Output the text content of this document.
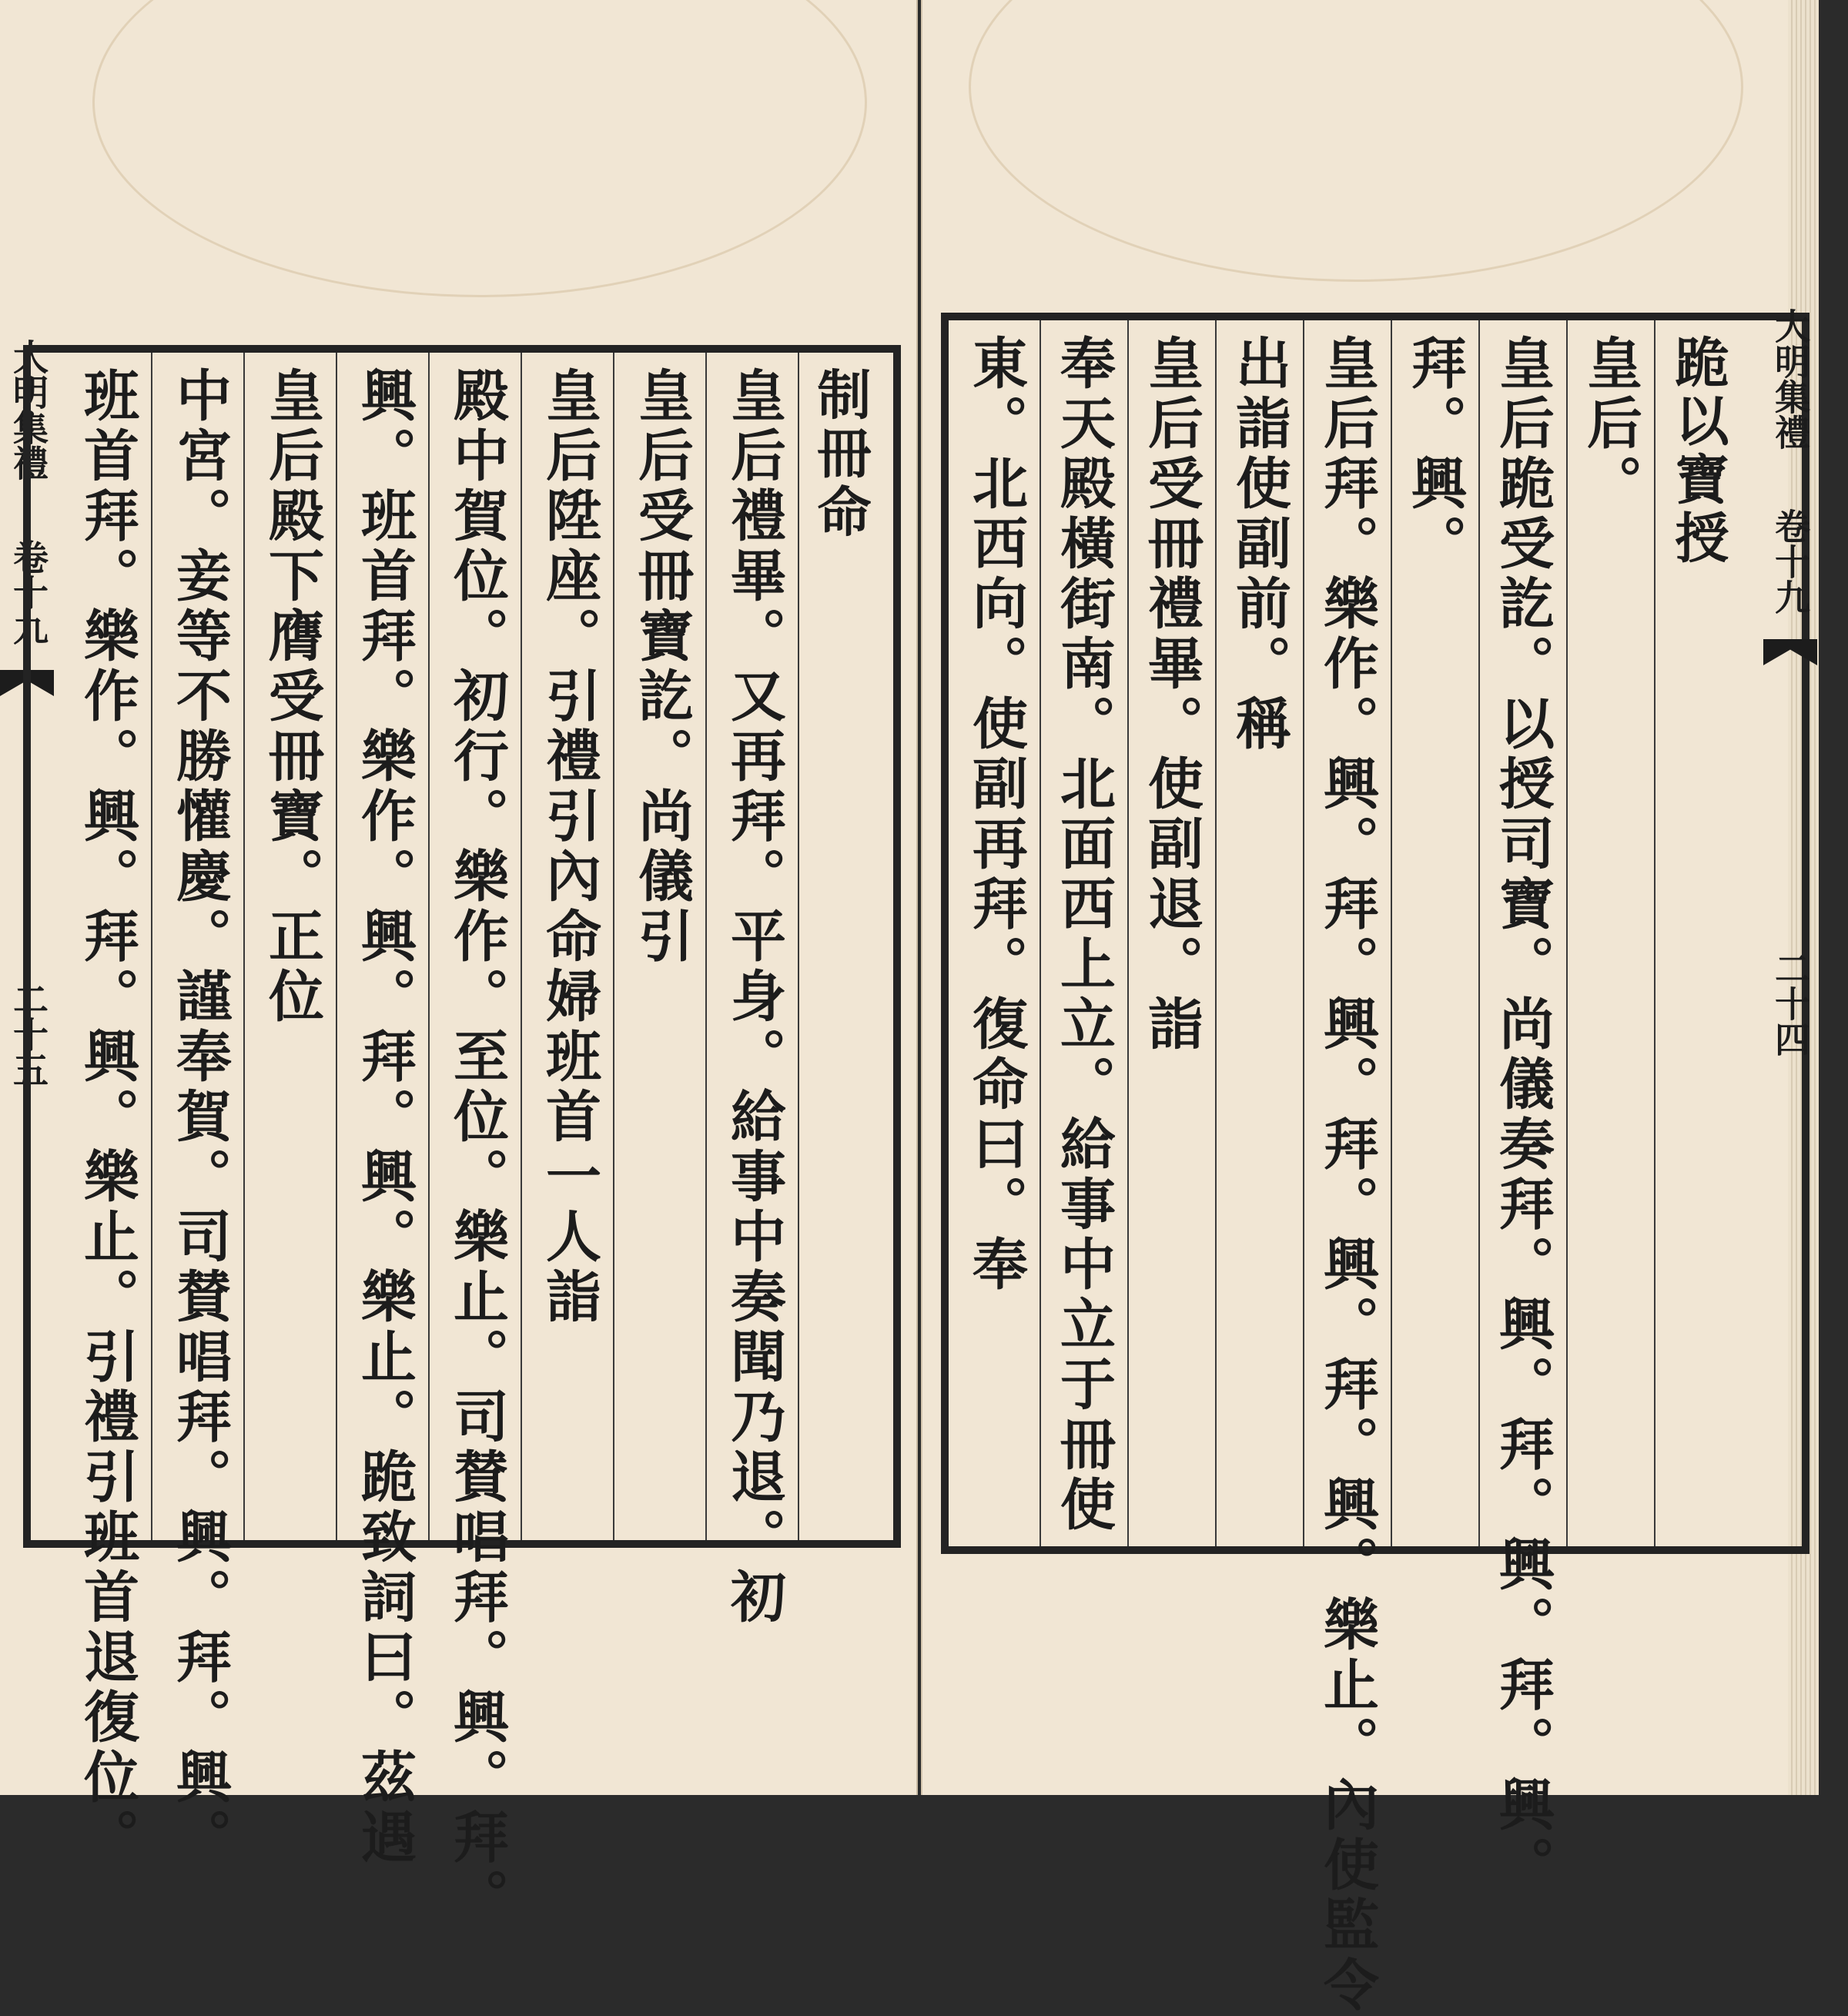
大明集禮 卷十九 二十五
制冊命
皇后禮畢。又再拜。平身。給事中奏聞乃退。初
皇后受冊寶訖。尚儀引
皇后陞座。引禮引內命婦班首一人詣
殿中賀位。初行。樂作。至位。樂止。司賛唱拜。興。拜。
興。班首拜。樂作。興。拜。興。樂止。跪致詞曰。茲遇
皇后殿下膺受冊寶。正位
中宮。妾等不勝懽慶。謹奉賀。司賛唱拜。興。拜。興。
班首拜。樂作。興。拜。興。樂止。引禮引班首退復位。	跪以寶授
皇后。
皇后跪受訖。以授司寶。尚儀奏拜。興。拜。興。拜。興。
拜。興。
皇后拜。樂作。興。拜。興。拜。興。拜。興。樂止。內使監令
出詣使副前。稱
皇后受冊禮畢。使副退。詣
奉天殿橫街南。北面西上立。給事中立于冊使
東。北西向。使副再拜。復命曰。奉	大明集禮 卷十九 二十四
